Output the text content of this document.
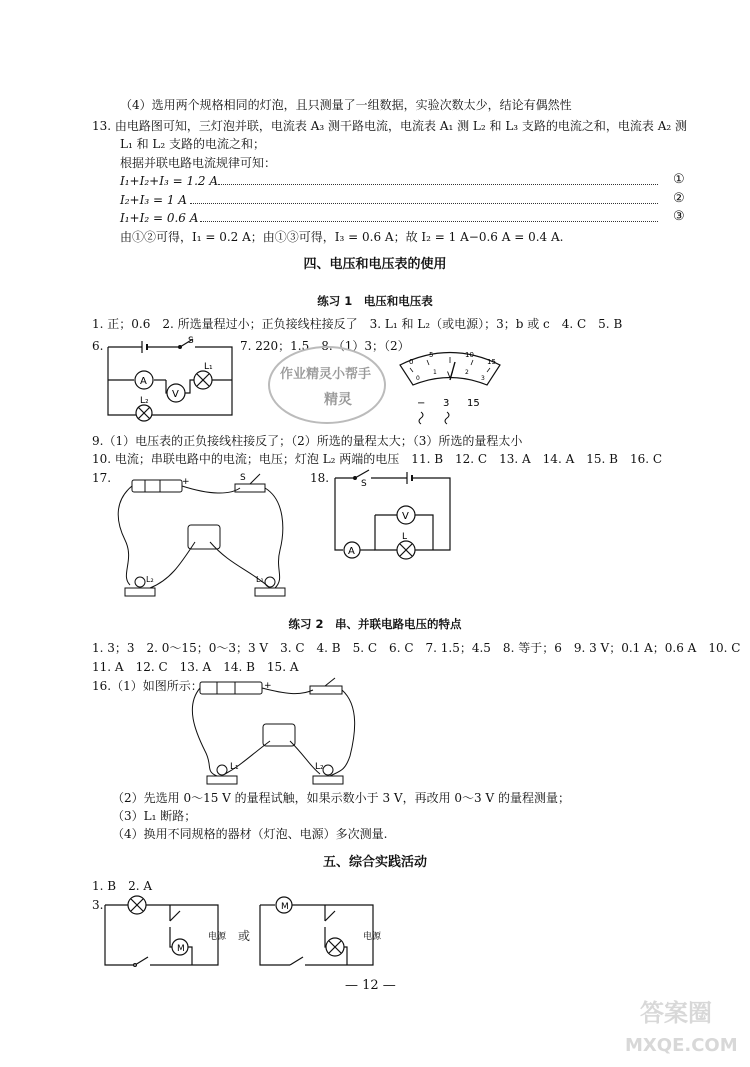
（4）选用两个规格相同的灯泡，且只测量了一组数据，实验次数太少，结论有偶然性
13. 由电路图可知，三灯泡并联，电流表 A₃ 测干路电流，电流表 A₁ 测 L₂ 和 L₃ 支路的电流之和，电流表 A₂ 测
L₁ 和 L₂ 支路的电流之和；
根据并联电路电流规律可知：
I₁+I₂+I₃ = 1.2 A	①
I₂+I₃ = 1 A	②
I₁+I₂ = 0.6 A	③
由①②可得，I₁ = 0.2 A；由①③可得，I₃ = 0.6 A；故 I₂ = 1 A−0.6 A = 0.4 A.
四、电压和电压表的使用
练习 1　电压和电压表
1. 正；0.6　2. 所选量程过小；正负接线柱接反了　3. L₁ 和 L₂（或电源）；3；b 或 c　4. C　5. B
6.	7. 220；1.5　8.（1）3；（2）
S
L₁
L₂
A
V
作业精灵小帮手
精灵
0
5	10
15
0
1	2
3
V
− 3 15
9.（1）电压表的正负接线柱接反了；（2）所选的量程太大；（3）所选的量程太小
10. 电流；串联电路中的电流；电压；灯泡 L₂ 两端的电压　11. B　12. C　13. A　14. A　15. B　16. C
17.	+	S
L₂	L₁
18.	S
A
V
L
练习 2　串、并联电路电压的特点
1. 3；3　2. 0～15；0～3；3 V　3. C　4. B　5. C　6. C　7. 1.5；4.5　8. 等于；6　9. 3 V；0.1 A；0.6 A　10. C
11. A　12. C　13. A　14. B　15. A
16.（1）如图所示：	+
L₁	L₂
（2）先选用 0～15 V 的量程试触，如果示数小于 3 V，再改用 0～3 V 的量程测量；
（3）L₁ 断路；
（4）换用不同规格的器材（灯泡、电源）多次测量.
五、综合实践活动
1. B　2. A
3.
M
电源 或
M
电源
— 12 —
答案圈
MXQE.COM
